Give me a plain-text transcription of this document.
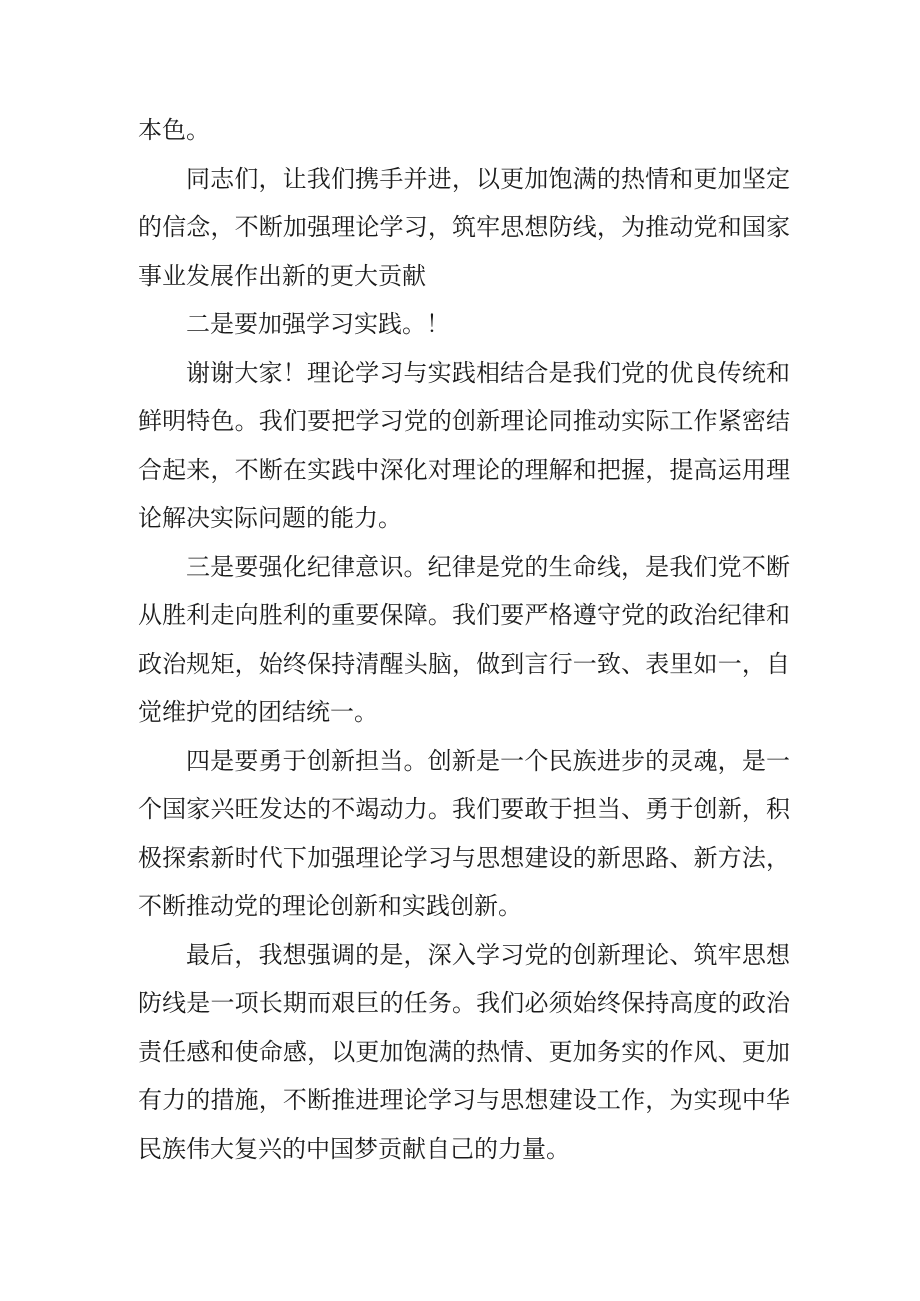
本色。

同志们，让我们携手并进，以更加饱满的热情和更加坚定的信念，不断加强理论学习，筑牢思想防线，为推动党和国家事业发展作出新的更大贡献

二是要加强学习实践。！

谢谢大家！理论学习与实践相结合是我们党的优良传统和鲜明特色。我们要把学习党的创新理论同推动实际工作紧密结合起来，不断在实践中深化对理论的理解和把握，提高运用理论解决实际问题的能力。

三是要强化纪律意识。纪律是党的生命线，是我们党不断从胜利走向胜利的重要保障。我们要严格遵守党的政治纪律和政治规矩，始终保持清醒头脑，做到言行一致、表里如一，自觉维护党的团结统一。

四是要勇于创新担当。创新是一个民族进步的灵魂，是一个国家兴旺发达的不竭动力。我们要敢于担当、勇于创新，积极探索新时代下加强理论学习与思想建设的新思路、新方法，不断推动党的理论创新和实践创新。

最后，我想强调的是，深入学习党的创新理论、筑牢思想防线是一项长期而艰巨的任务。我们必须始终保持高度的政治责任感和使命感，以更加饱满的热情、更加务实的作风、更加有力的措施，不断推进理论学习与思想建设工作，为实现中华民族伟大复兴的中国梦贡献自己的力量。
